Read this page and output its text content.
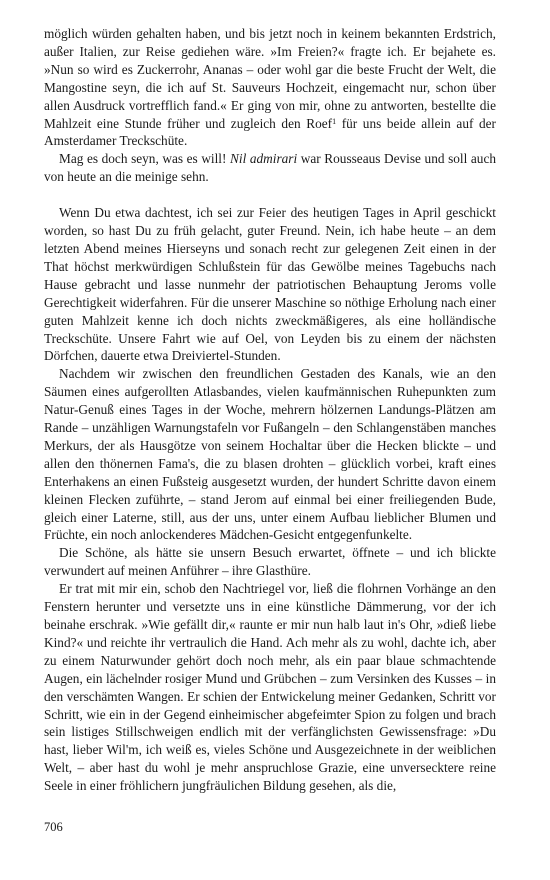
möglich würden gehalten haben, und bis jetzt noch in keinem bekannten Erdstrich, außer Italien, zur Reise gediehen wäre. »Im Freien?« fragte ich. Er bejahete es. »Nun so wird es Zuckerrohr, Ananas – oder wohl gar die beste Frucht der Welt, die Mangostine seyn, die ich auf St. Sauveurs Hochzeit, eingemacht nur, schon über allen Ausdruck vortrefflich fand.« Er ging von mir, ohne zu antworten, bestellte die Mahlzeit eine Stunde früher und zugleich den Roef$^1$ für uns beide allein auf der Amsterdamer Treckschüte.

Mag es doch seyn, was es will! Nil admirari war Rousseaus Devise und soll auch von heute an die meinige sehn.

Wenn Du etwa dachtest, ich sei zur Feier des heutigen Tages in April geschickt worden, so hast Du zu früh gelacht, guter Freund. Nein, ich habe heute – an dem letzten Abend meines Hierseyns und sonach recht zur gelegenen Zeit einen in der That höchst merkwürdigen Schlußstein für das Gewölbe meines Tagebuchs nach Hause gebracht und lasse nunmehr der patriotischen Behauptung Jeroms volle Gerechtigkeit widerfahren. Für die unserer Maschine so nöthige Erholung nach einer guten Mahlzeit kenne ich doch nichts zweckmäßigeres, als eine holländische Treckschüte. Unsere Fahrt wie auf Oel, von Leyden bis zu einem der nächsten Dörfchen, dauerte etwa Dreiviertel-Stunden.

Nachdem wir zwischen den freundlichen Gestaden des Kanals, wie an den Säumen eines aufgerollten Atlasbandes, vielen kaufmännischen Ruhepunkten zum Natur-Genuß eines Tages in der Woche, mehrern hölzernen Landungs-Plätzen am Rande – unzähligen Warnungstafeln vor Fußangeln – den Schlangenstäben manches Merkurs, der als Hausgötze von seinem Hochaltar über die Hecken blickte – und allen den thönernen Fama's, die zu blasen drohten – glücklich vorbei, kraft eines Enterhakens an einen Fußsteig ausgesetzt wurden, der hundert Schritte davon einem kleinen Flecken zuführte, – stand Jerom auf einmal bei einer freiliegenden Bude, gleich einer Laterne, still, aus der uns, unter einem Aufbau lieblicher Blumen und Früchte, ein noch anlockenderes Mädchen-Gesicht entgegenfunkelte.

Die Schöne, als hätte sie unsern Besuch erwartet, öffnete – und ich blickte verwundert auf meinen Anführer – ihre Glasthüre.

Er trat mit mir ein, schob den Nachtriegel vor, ließ die flohrnen Vorhänge an den Fenstern herunter und versetzte uns in eine künstliche Dämmerung, vor der ich beinahe erschrak. »Wie gefällt dir,« raunte er mir nun halb laut in's Ohr, »dieß liebe Kind?« und reichte ihr vertraulich die Hand. Ach mehr als zu wohl, dachte ich, aber zu einem Naturwunder gehört doch noch mehr, als ein paar blaue schmachtende Augen, ein lächelnder rosiger Mund und Grübchen – zum Versinken des Kusses – in den verschämten Wangen. Er schien der Entwickelung meiner Gedanken, Schritt vor Schritt, wie ein in der Gegend einheimischer abgefeimter Spion zu folgen und brach sein listiges Stillschweigen endlich mit der verfänglichsten Gewissensfrage: »Du hast, lieber Wil'm, ich weiß es, vieles Schöne und Ausgezeichnete in der weiblichen Welt, – aber hast du wohl je mehr anspruchlose Grazie, eine unversecktere reine Seele in einer fröhlichern jungfräulichen Bildung gesehen, als die,

706
